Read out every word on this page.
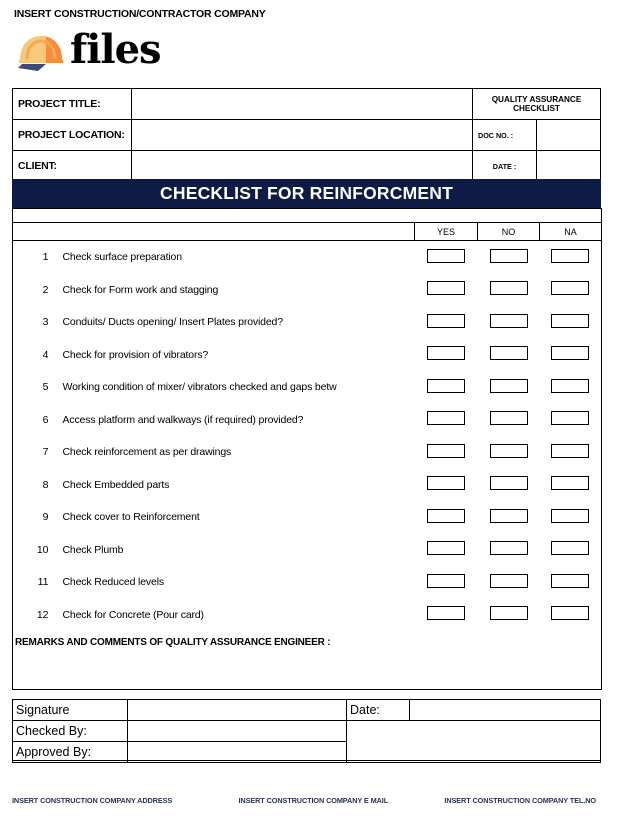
INSERT CONSTRUCTION/CONTRACTOR COMPANY
files
PROJECT TITLE:		QUALITY ASSURANCE CHECKLIST	
PROJECT LOCATION:		DOC NO. :	
CLIENT:		DATE :	
CHECKLIST FOR REINFORCMENT

		YES	NO	NA
1	Check surface preparation			
2	Check for Form work and stagging			
3	Conduits/ Ducts opening/ Insert Plates provided?			
4	Check for provision of vibrators?			
5	Working condition of mixer/ vibrators checked and gaps betw			
6	Access platform and walkways (if required) provided?			
7	Check reinforcement as per drawings			
8	Check Embedded parts			
9	Check cover to Reinforcement			
10	Check Plumb			
11	Check Reduced levels			
12	Check for Concrete (Pour card)			
REMARKS AND COMMENTS OF QUALITY ASSURANCE ENGINEER :				

Signature		Date:	
Checked By:			
Approved By:			
INSERT CONSTRUCTION COMPANY ADDRESS	INSERT CONSTRUCTION COMPANY E MAIL	INSERT CONSTRUCTION COMPANY TEL.NO
